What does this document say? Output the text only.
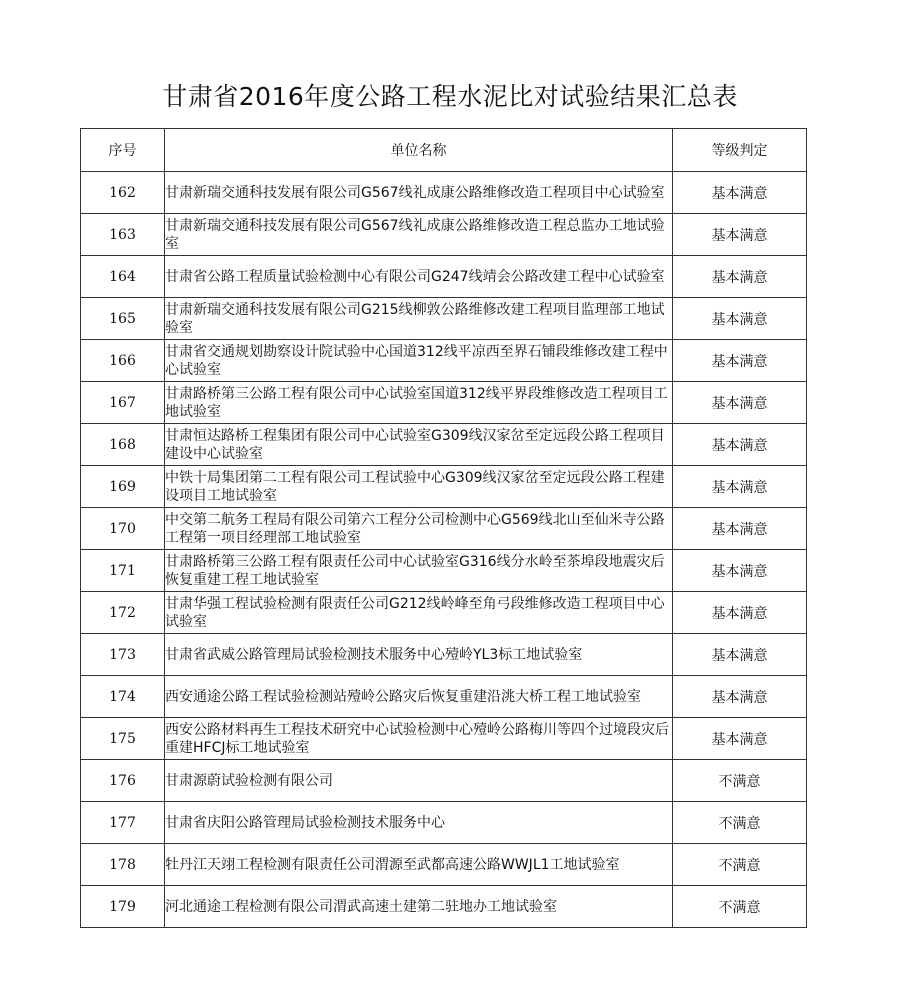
甘肃省2016年度公路工程水泥比对试验结果汇总表
序号	单位名称	等级判定
162	甘肃新瑞交通科技发展有限公司G567线礼成康公路维修改造工程项目中心试验室	基本满意
163	甘肃新瑞交通科技发展有限公司G567线礼成康公路维修改造工程总监办工地试验室	基本满意
164	甘肃省公路工程质量试验检测中心有限公司G247线靖会公路改建工程中心试验室	基本满意
165	甘肃新瑞交通科技发展有限公司G215线柳敦公路维修改建工程项目监理部工地试验室	基本满意
166	甘肃省交通规划勘察设计院试验中心国道312线平凉西至界石铺段维修改建工程中心试验室	基本满意
167	甘肃路桥第三公路工程有限公司中心试验室国道312线平界段维修改造工程项目工地试验室	基本满意
168	甘肃恒达路桥工程集团有限公司中心试验室G309线汉家岔至定远段公路工程项目建设中心试验室	基本满意
169	中铁十局集团第二工程有限公司工程试验中心G309线汉家岔至定远段公路工程建设项目工地试验室	基本满意
170	中交第二航务工程局有限公司第六工程分公司检测中心G569线北山至仙米寺公路工程第一项目经理部工地试验室	基本满意
171	甘肃路桥第三公路工程有限责任公司中心试验室G316线分水岭至茶埠段地震灾后恢复重建工程工地试验室	基本满意
172	甘肃华强工程试验检测有限责任公司G212线岭峰至角弓段维修改造工程项目中心试验室	基本满意
173	甘肃省武威公路管理局试验检测技术服务中心殪岭YL3标工地试验室	基本满意
174	西安通途公路工程试验检测站殪岭公路灾后恢复重建沿洮大桥工程工地试验室	基本满意
175	西安公路材料再生工程技术研究中心试验检测中心殪岭公路梅川等四个过境段灾后重建HFCJ标工地试验室	基本满意
176	甘肃源蔚试验检测有限公司	不满意
177	甘肃省庆阳公路管理局试验检测技术服务中心	不满意
178	牡丹江天翊工程检测有限责任公司渭源至武都高速公路WWJL1工地试验室	不满意
179	河北通途工程检测有限公司渭武高速土建第二驻地办工地试验室	不满意
